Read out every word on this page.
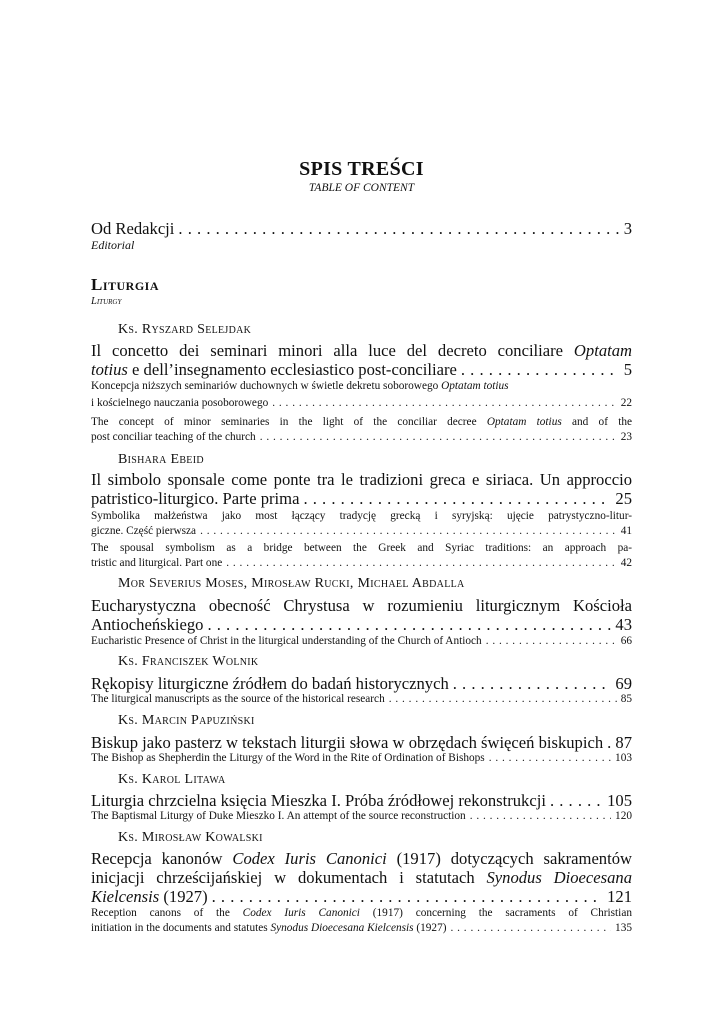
SPIS TREŚCI
TABLE OF CONTENT
Od Redakcji . . .	3
Editorial
Liturgia
Liturgy
Ks. Ryszard Selejdak
Il concetto dei seminari minori alla luce del decreto conciliare Optatam
totius e dell’insegnamento ecclesiastico post-conciliare . . .	5
Koncepcja niższych seminariów duchownych w świetle dekretu soborowego Optatam totius
i kościelnego nauczania posoborowego . . .	22
The concept of minor seminaries in the light of the conciliar decree Optatam totius and of the
post conciliar teaching of the church . . .	23
Bishara Ebeid
Il simbolo sponsale come ponte tra le tradizioni greca e siriaca. Un approccio
patristico-liturgico. Parte prima . . .	25
Symbolika małżeństwa jako most łączący tradycję grecką i syryjską: ujęcie patrystyczno-litur-
giczne. Część pierwsza . . .	41
The spousal symbolism as a bridge between the Greek and Syriac traditions: an approach pa-
tristic and liturgical. Part one . . .	42
Mor Severius Moses, Mirosław Rucki, Michael Abdalla
Eucharystyczna obecność Chrystusa w rozumieniu liturgicznym Kościoła
Antiocheńskiego . . .	43
Eucharistic Presence of Christ in the liturgical understanding of the Church of Antioch . . .	66
Ks. Franciszek Wolnik
Rękopisy liturgiczne źródłem do badań historycznych . . .	69
The liturgical manuscripts as the source of the historical research . . .	85
Ks. Marcin Papuziński
Biskup jako pasterz w tekstach liturgii słowa w obrzędach święceń biskupich . . . 87
The Bishop as Shepherdin the Liturgy of the Word in the Rite of Ordination of Bishops . . .	103
Ks. Karol Litawa
Liturgia chrzcielna księcia Mieszka I. Próba źródłowej rekonstrukcji . . .	105
The Baptismal Liturgy of Duke Mieszko I. An attempt of the source reconstruction . . .	120
Ks. Mirosław Kowalski
Recepcja kanonów Codex Iuris Canonici (1917) dotyczących sakramentów
inicjacji chrześcijańskiej w dokumentach i statutach Synodus Dioecesana
Kielcensis (1927) . . .	121
Reception canons of the Codex Iuris Canonici (1917) concerning the sacraments of Christian
initiation in the documents and statutes Synodus Dioecesana Kielcensis (1927) . . .	135
